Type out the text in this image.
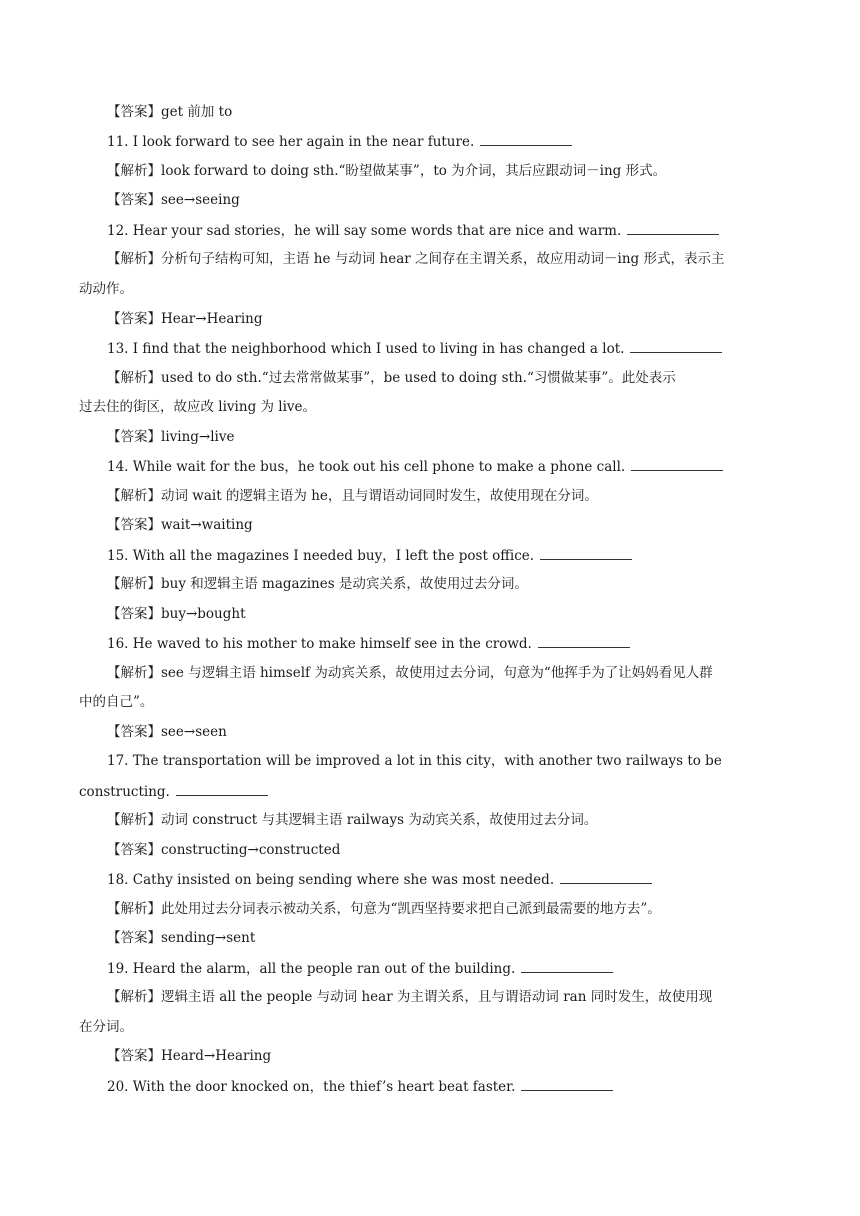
【答案】get 前加 to
11. I look forward to see her again in the near future.
【解析】look forward to doing sth.“盼望做某事”，to 为介词，其后应跟动词－ing 形式。
【答案】see→seeing
12. Hear your sad stories，he will say some words that are nice and warm.
【解析】分析句子结构可知，主语 he 与动词 hear 之间存在主谓关系，故应用动词－ing 形式，表示主
动动作。
【答案】Hear→Hearing
13. I find that the neighborhood which I used to living in has changed a lot.
【解析】used to do sth.“过去常常做某事”，be used to doing sth.“习惯做某事”。此处表示
过去住的街区，故应改 living 为 live。
【答案】living→live
14. While wait for the bus，he took out his cell phone to make a phone call.
【解析】动词 wait 的逻辑主语为 he，且与谓语动词同时发生，故使用现在分词。
【答案】wait→waiting
15. With all the magazines I needed buy，I left the post office.
【解析】buy 和逻辑主语 magazines 是动宾关系，故使用过去分词。
【答案】buy→bought
16. He waved to his mother to make himself see in the crowd.
【解析】see 与逻辑主语 himself 为动宾关系，故使用过去分词，句意为“他挥手为了让妈妈看见人群
中的自己”。
【答案】see→seen
17. The transportation will be improved a lot in this city，with another two railways to be
constructing.
【解析】动词 construct 与其逻辑主语 railways 为动宾关系，故使用过去分词。
【答案】constructing→constructed
18. Cathy insisted on being sending where she was most needed.
【解析】此处用过去分词表示被动关系，句意为“凯西坚持要求把自己派到最需要的地方去”。
【答案】sending→sent
19. Heard the alarm，all the people ran out of the building.
【解析】逻辑主语 all the people 与动词 hear 为主谓关系，且与谓语动词 ran 同时发生，故使用现
在分词。
【答案】Heard→Hearing
20. With the door knocked on，the thief’s heart beat faster.
